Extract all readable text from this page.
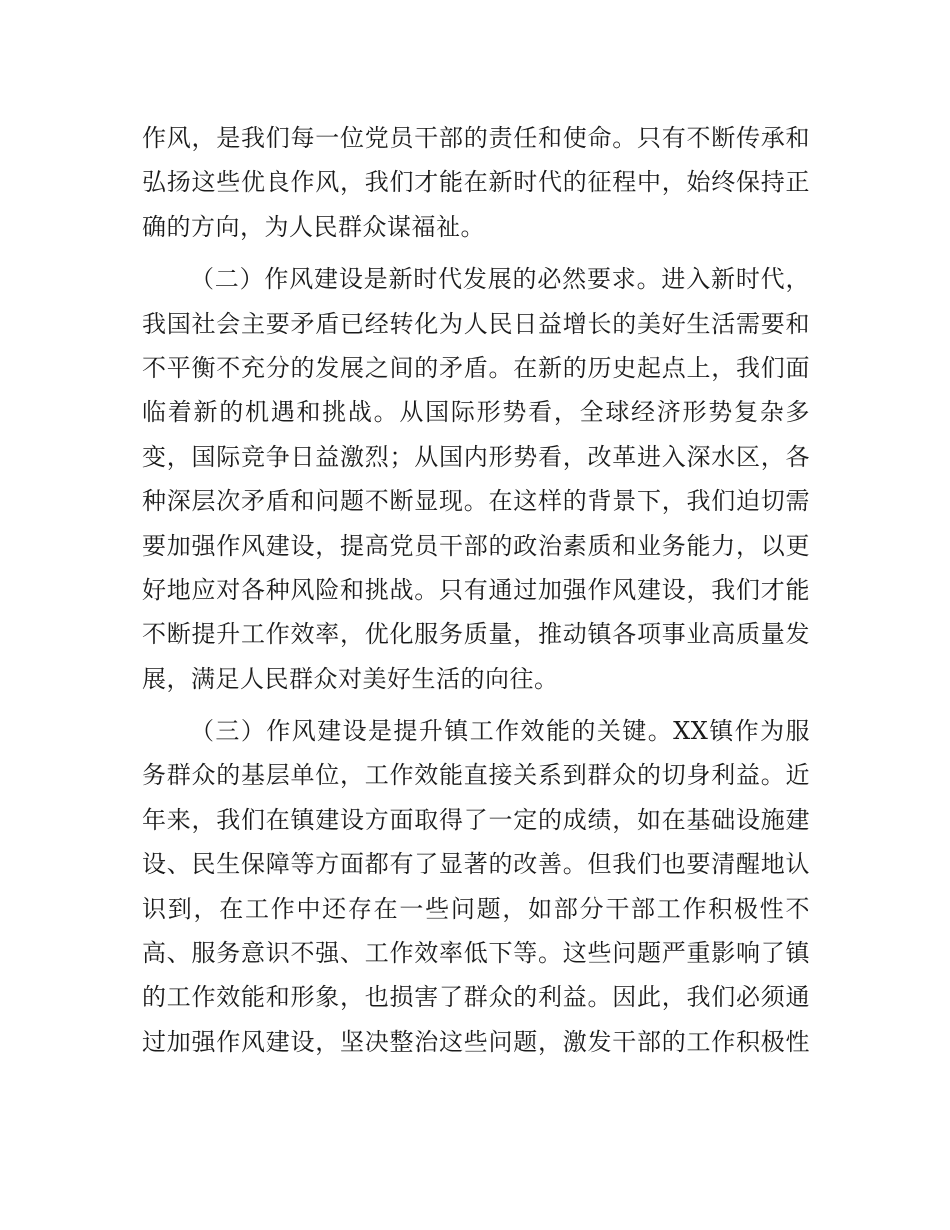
作风，是我们每一位党员干部的责任和使命。只有不断传承和
弘扬这些优良作风，我们才能在新时代的征程中，始终保持正
确的方向，为人民群众谋福祉。
（二）作风建设是新时代发展的必然要求。进入新时代，
我国社会主要矛盾已经转化为人民日益增长的美好生活需要和
不平衡不充分的发展之间的矛盾。在新的历史起点上，我们面
临着新的机遇和挑战。从国际形势看，全球经济形势复杂多
变，国际竞争日益激烈；从国内形势看，改革进入深水区，各
种深层次矛盾和问题不断显现。在这样的背景下，我们迫切需
要加强作风建设，提高党员干部的政治素质和业务能力，以更
好地应对各种风险和挑战。只有通过加强作风建设，我们才能
不断提升工作效率，优化服务质量，推动镇各项事业高质量发
展，满足人民群众对美好生活的向往。
（三）作风建设是提升镇工作效能的关键。XX镇作为服
务群众的基层单位，工作效能直接关系到群众的切身利益。近
年来，我们在镇建设方面取得了一定的成绩，如在基础设施建
设、民生保障等方面都有了显著的改善。但我们也要清醒地认
识到，在工作中还存在一些问题，如部分干部工作积极性不
高、服务意识不强、工作效率低下等。这些问题严重影响了镇
的工作效能和形象，也损害了群众的利益。因此，我们必须通
过加强作风建设，坚决整治这些问题，激发干部的工作积极性
